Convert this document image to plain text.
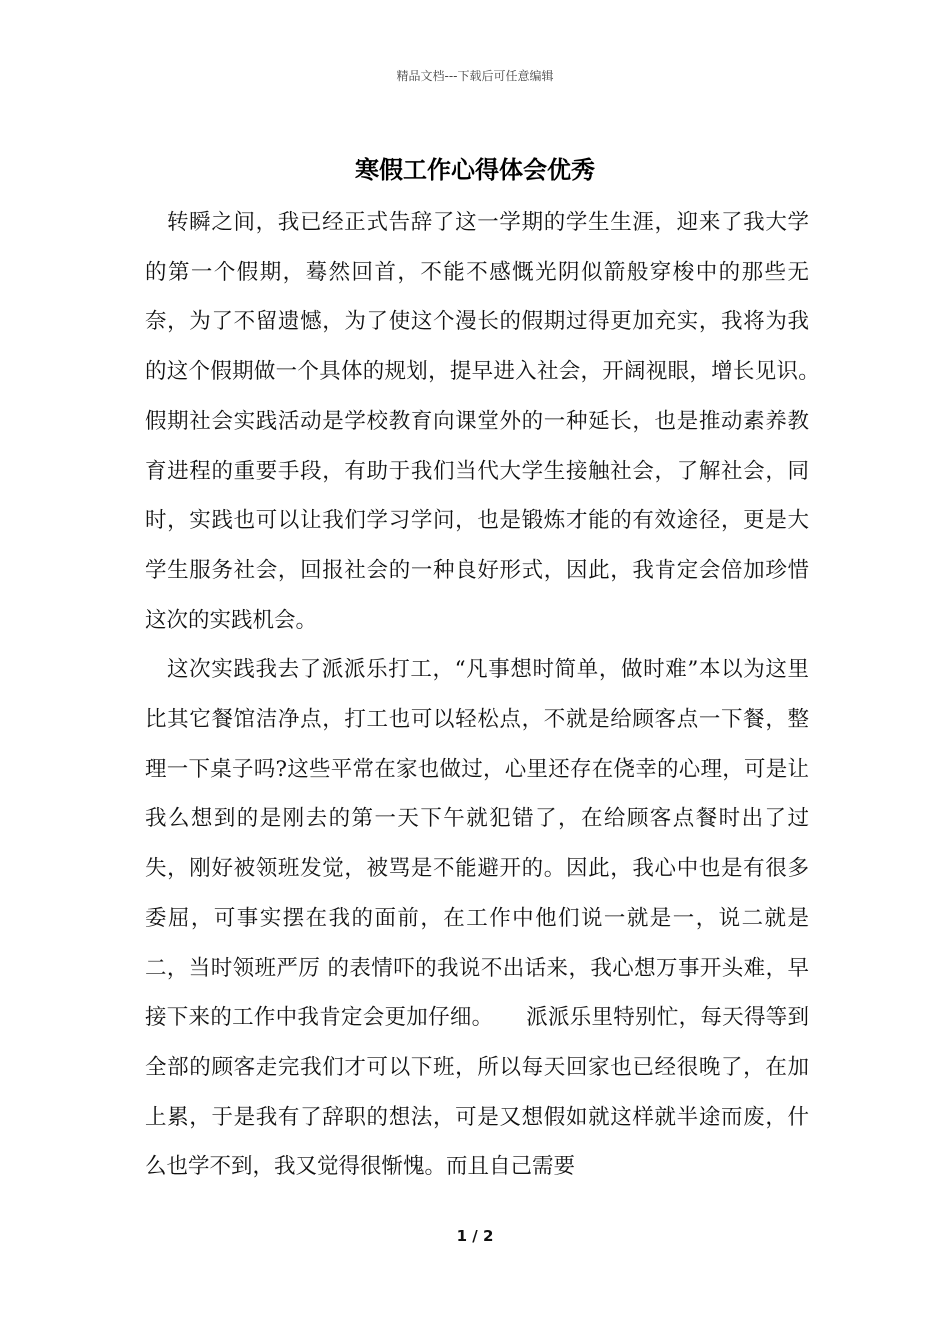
精品文档---下载后可任意编辑
寒假工作心得体会优秀

转瞬之间，我已经正式告辞了这一学期的学生生涯，迎来了我大学的第一个假期，蓦然回首，不能不感慨光阴似箭般穿梭中的那些无奈，为了不留遗憾，为了使这个漫长的假期过得更加充实，我将为我的这个假期做一个具体的规划，提早进入社会，开阔视眼，增长见识。　　假期社会实践活动是学校教育向课堂外的一种延长，也是推动素养教育进程的重要手段，有助于我们当代大学生接触社会，了解社会，同时，实践也可以让我们学习学问，也是锻炼才能的有效途径，更是大学生服务社会，回报社会的一种良好形式，因此，我肯定会倍加珍惜这次的实践机会。

这次实践我去了派派乐打工，“凡事想时简单，做时难”本以为这里比其它餐馆洁净点，打工也可以轻松点，不就是给顾客点一下餐，整理一下桌子吗?这些平常在家也做过，心里还存在侥幸的心理，可是让我么想到的是刚去的第一天下午就犯错了，在给顾客点餐时出了过失，刚好被领班发觉，被骂是不能避开的。因此，我心中也是有很多委屈，可事实摆在我的面前，在工作中他们说一就是一，说二就是二，当时领班严厉 的表情吓的我说不出话来，我心想万事开头难，早接下来的工作中我肯定会更加仔细。　　派派乐里特别忙，每天得等到全部的顾客走完我们才可以下班，所以每天回家也已经很晚了，在加上累，于是我有了辞职的想法，可是又想假如就这样就半途而废，什么也学不到，我又觉得很惭愧。而且自己需要

1 / 2
